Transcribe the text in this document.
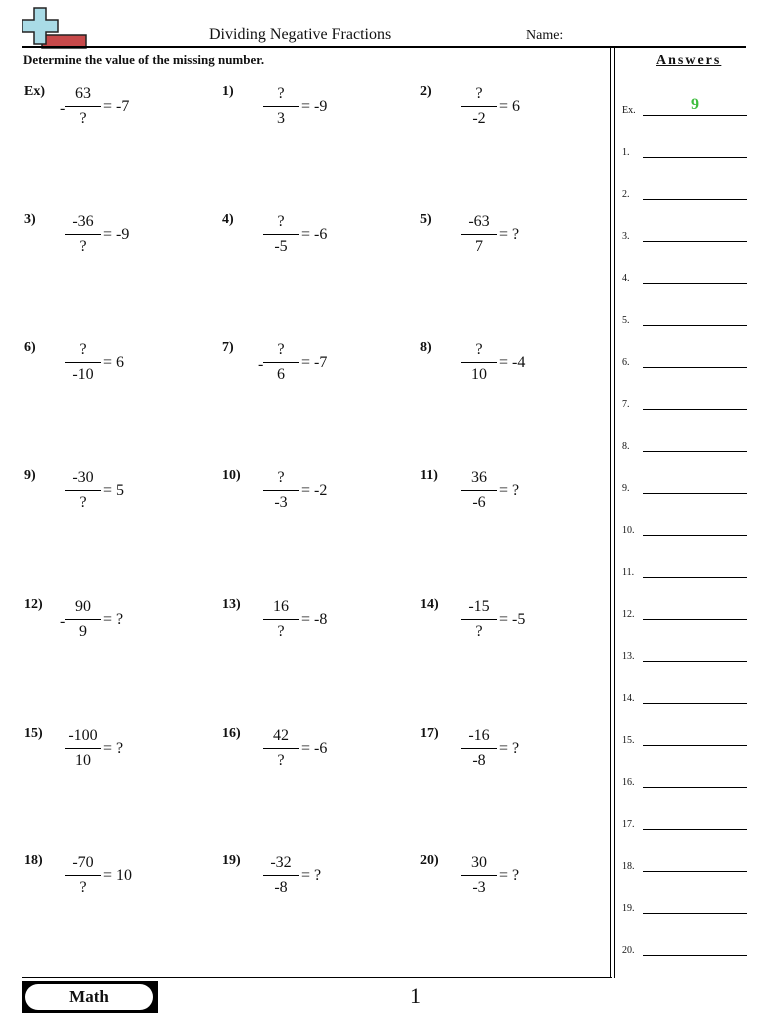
Dividing Negative Fractions	Name:
Determine the value of the missing number.
Ex)
-
63
?
= -7
1)	?
3
= -9
2)	?
-2
= 6
3)	-36
?
= -9
4)	?
-5
= -6
5)	-63
7
= ?
6)	?
-10
= 6
7)
-
?
6
= -7
8)	?
10
= -4
9)	-30
?
= 5
10)	?
-3
= -2
11)	36
-6
= ?
12)
-
90
9
= ?
13)	16
?
= -8
14)	-15
?
= -5
15) -100
10
= ?
16)	42
?
= -6
17)	-16
-8
= ?
18)	-70
?
= 10
19)	-32
-8
= ?
20)	30
-3
= ?
Answers
Ex.	9
1.
2.
3.
4.
5.
6.
7.
8.
9.
10.
11.
12.
13.
14.
15.
16.
17.
18.
19.
20.
Math	1
